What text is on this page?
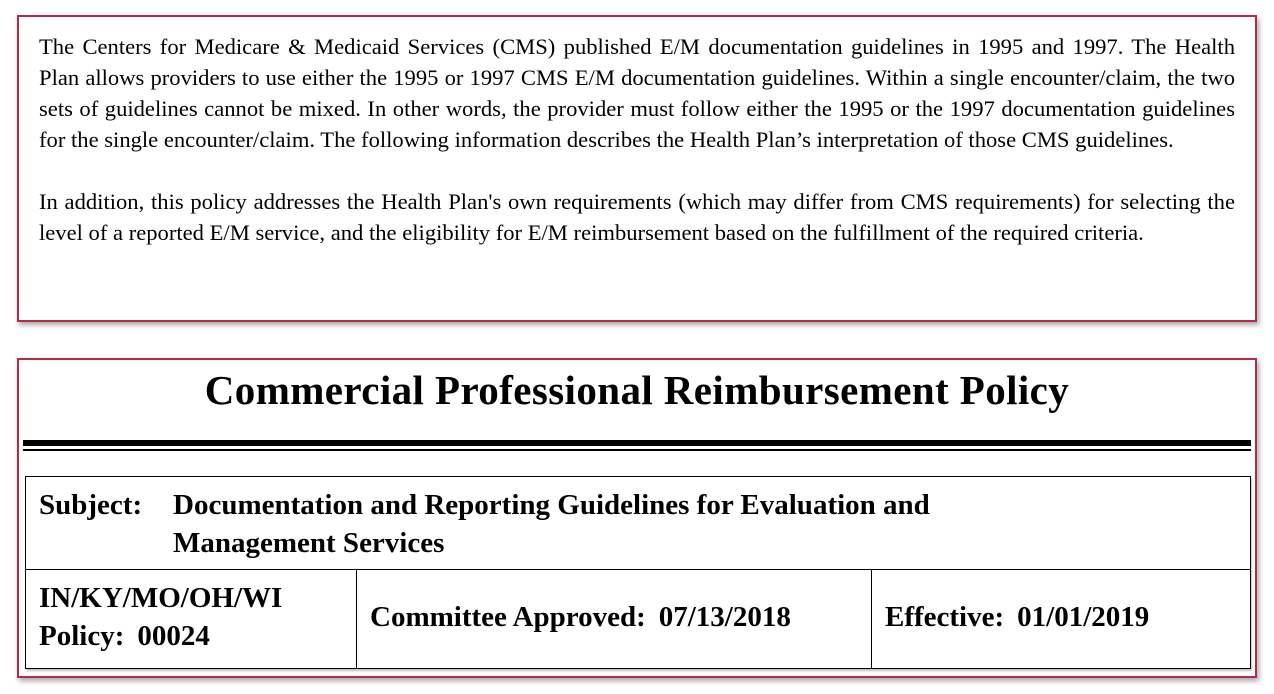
The Centers for Medicare & Medicaid Services (CMS) published E/M documentation guidelines in 1995 and 1997. The Health Plan allows providers to use either the 1995 or 1997 CMS E/M documentation guidelines. Within a single encounter/claim, the two sets of guidelines cannot be mixed. In other words, the provider must follow either the 1995 or the 1997 documentation guidelines for the single encounter/claim. The following information describes the Health Plan’s interpretation of those CMS guidelines.

In addition, this policy addresses the Health Plan's own requirements (which may differ from CMS requirements) for selecting the level of a reported E/M service, and the eligibility for E/M reimbursement based on the fulfillment of the required criteria.

Commercial Professional Reimbursement Policy
Subject: Documentation and Reporting Guidelines for Evaluation and Management Services
IN/KY/MO/OH/WI
Policy: 00024
Committee Approved: 07/13/2018	Effective: 01/01/2019
